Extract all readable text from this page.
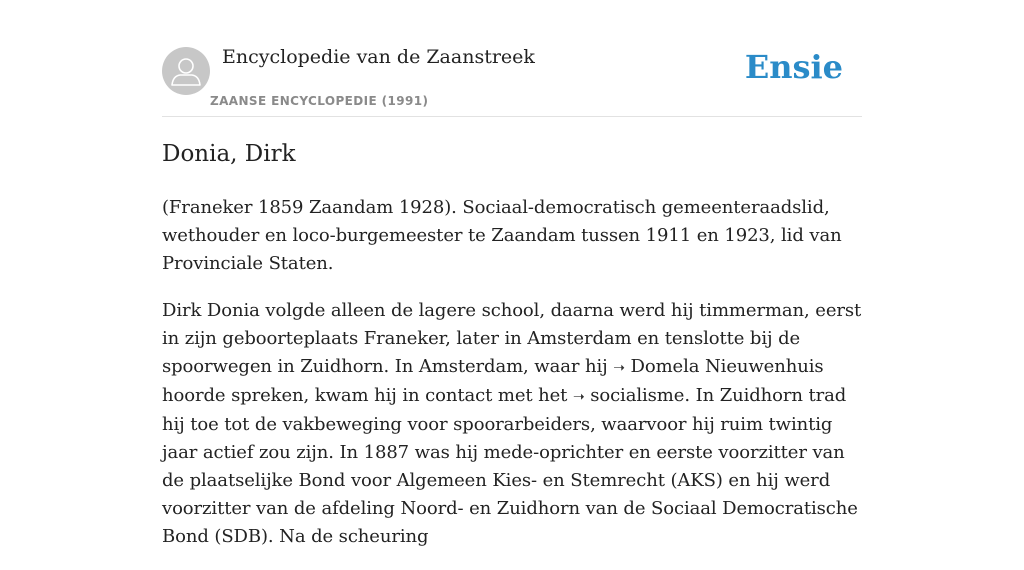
Encyclopedie van de Zaanstreek
ZAANSE ENCYCLOPEDIE (1991)
Ensie
Donia, Dirk

(Franeker 1859 Zaandam 1928). Sociaal-democratisch gemeenteraadslid, wethouder en loco-burgemeester te Zaandam tussen 1911 en 1923, lid van Provinciale Staten.

Dirk Donia volgde alleen de lagere school, daarna werd hij timmerman, eerst in zijn geboorteplaats Franeker, later in Amsterdam en tenslotte bij de spoorwegen in Zuidhorn. In Amsterdam, waar hij ➝ Domela Nieuwenhuis hoorde spreken, kwam hij in contact met het ➝ socialisme. In Zuidhorn trad hij toe tot de vakbeweging voor spoorarbeiders, waarvoor hij ruim twintig jaar actief zou zijn. In 1887 was hij mede-oprichter en eerste voorzitter van de plaatselijke Bond voor Algemeen Kies- en Stemrecht (AKS) en hij werd voorzitter van de afdeling Noord- en Zuidhorn van de Sociaal Democratische Bond (SDB). Na de scheuring
